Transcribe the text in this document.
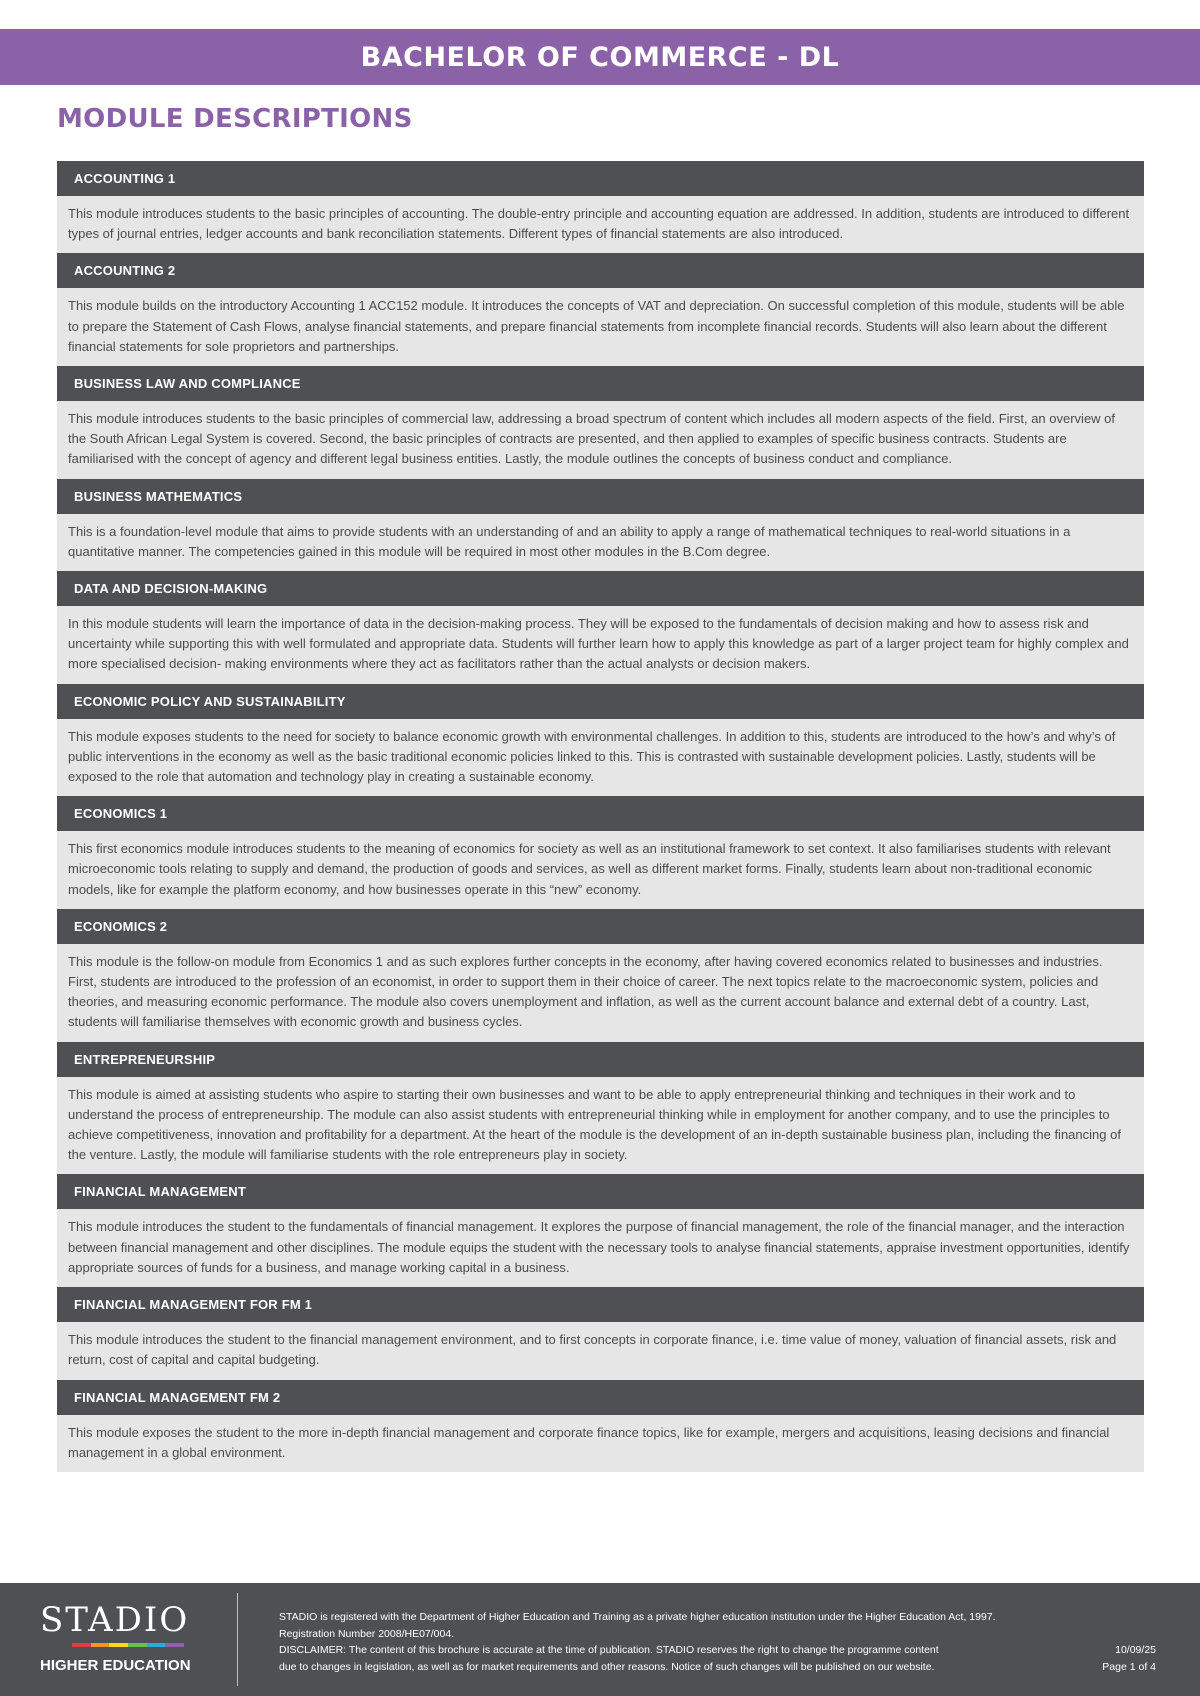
BACHELOR OF COMMERCE - DL
MODULE DESCRIPTIONS
ACCOUNTING 1

This module introduces students to the basic principles of accounting. The double-entry principle and accounting equation are addressed. In addition, students are introduced to different types of journal entries, ledger accounts and bank reconciliation statements. Different types of financial statements are also introduced.

ACCOUNTING 2

This module builds on the introductory Accounting 1 ACC152 module. It introduces the concepts of VAT and depreciation. On successful completion of this module, students will be able to prepare the Statement of Cash Flows, analyse financial statements, and prepare financial statements from incomplete financial records. Students will also learn about the different financial statements for sole proprietors and partnerships.

BUSINESS LAW AND COMPLIANCE

This module introduces students to the basic principles of commercial law, addressing a broad spectrum of content which includes all modern aspects of the field. First, an overview of the South African Legal System is covered. Second, the basic principles of contracts are presented, and then applied to examples of specific business contracts. Students are familiarised with the concept of agency and different legal business entities. Lastly, the module outlines the concepts of business conduct and compliance.

BUSINESS MATHEMATICS

This is a foundation-level module that aims to provide students with an understanding of and an ability to apply a range of mathematical techniques to real-world situations in a quantitative manner. The competencies gained in this module will be required in most other modules in the B.Com degree.

DATA AND DECISION-MAKING

In this module students will learn the importance of data in the decision-making process. They will be exposed to the fundamentals of decision making and how to assess risk and uncertainty while supporting this with well formulated and appropriate data. Students will further learn how to apply this knowledge as part of a larger project team for highly complex and more specialised decision- making environments where they act as facilitators rather than the actual analysts or decision makers.

ECONOMIC POLICY AND SUSTAINABILITY

This module exposes students to the need for society to balance economic growth with environmental challenges. In addition to this, students are introduced to the how’s and why’s of public interventions in the economy as well as the basic traditional economic policies linked to this. This is contrasted with sustainable development policies. Lastly, students will be exposed to the role that automation and technology play in creating a sustainable economy.

ECONOMICS 1

This first economics module introduces students to the meaning of economics for society as well as an institutional framework to set context. It also familiarises students with relevant microeconomic tools relating to supply and demand, the production of goods and services, as well as different market forms. Finally, students learn about non-traditional economic models, like for example the platform economy, and how businesses operate in this “new” economy.

ECONOMICS 2

This module is the follow-on module from Economics 1 and as such explores further concepts in the economy, after having covered economics related to businesses and industries. First, students are introduced to the profession of an economist, in order to support them in their choice of career. The next topics relate to the macroeconomic system, policies and theories, and measuring economic performance. The module also covers unemployment and inflation, as well as the current account balance and external debt of a country. Last, students will familiarise themselves with economic growth and business cycles.

ENTREPRENEURSHIP

This module is aimed at assisting students who aspire to starting their own businesses and want to be able to apply entrepreneurial thinking and techniques in their work and to understand the process of entrepreneurship. The module can also assist students with entrepreneurial thinking while in employment for another company, and to use the principles to achieve competitiveness, innovation and profitability for a department. At the heart of the module is the development of an in-depth sustainable business plan, including the financing of the venture. Lastly, the module will familiarise students with the role entrepreneurs play in society.

FINANCIAL MANAGEMENT

This module introduces the student to the fundamentals of financial management. It explores the purpose of financial management, the role of the financial manager, and the interaction between financial management and other disciplines. The module equips the student with the necessary tools to analyse financial statements, appraise investment opportunities, identify appropriate sources of funds for a business, and manage working capital in a business.

FINANCIAL MANAGEMENT FOR FM 1

This module introduces the student to the financial management environment, and to first concepts in corporate finance, i.e. time value of money, valuation of financial assets, risk and return, cost of capital and capital budgeting.

FINANCIAL MANAGEMENT FM 2

This module exposes the student to the more in-depth financial management and corporate finance topics, like for example, mergers and acquisitions, leasing decisions and financial management in a global environment.

STADIO
HIGHER EDUCATION
STADIO is registered with the Department of Higher Education and Training as a private higher education institution under the Higher Education Act, 1997.
Registration Number 2008/HE07/004.
DISCLAIMER: The content of this brochure is accurate at the time of publication. STADIO reserves the right to change the programme content
due to changes in legislation, as well as for market requirements and other reasons. Notice of such changes will be published on our website.
10/09/25
Page 1 of 4
